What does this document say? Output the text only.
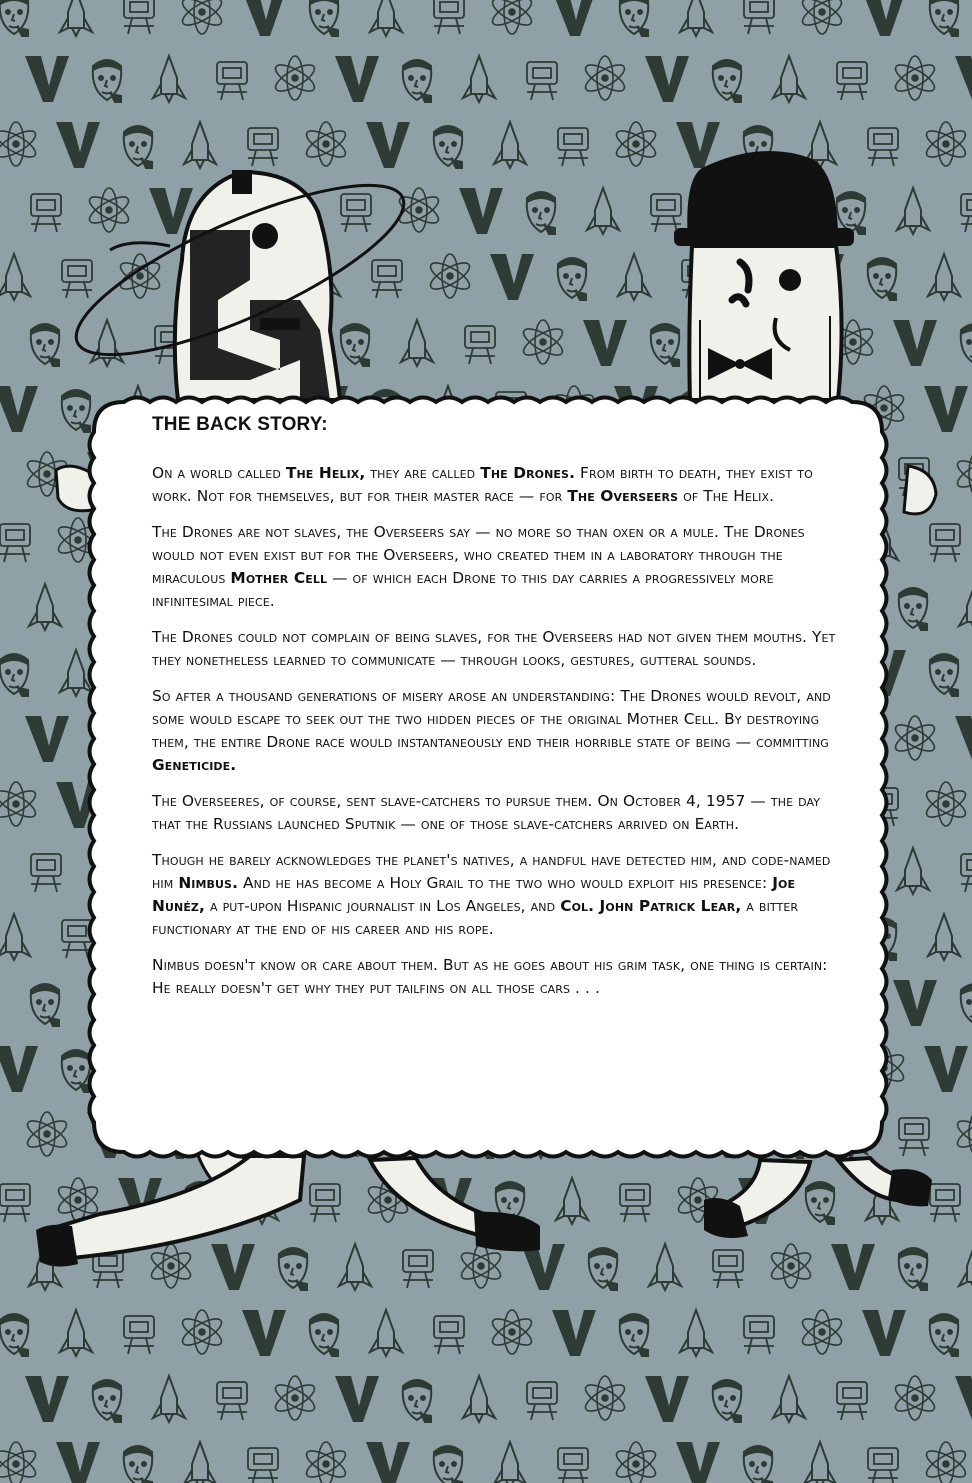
THE BACK STORY:

On a world called The Helix, they are called The Drones. From birth to death, they exist to work. Not for themselves, but for their master race — for The Overseers of The Helix.

The Drones are not slaves, the Overseers say — no more so than oxen or a mule. The Drones would not even exist but for the Overseers, who created them in a laboratory through the miraculous Mother Cell — of which each Drone to this day carries a progressively more infinitesimal piece.

The Drones could not complain of being slaves, for the Overseers had not given them mouths. Yet they nonetheless learned to communicate — through looks, gestures, gutteral sounds.

So after a thousand generations of misery arose an understanding: The Drones would revolt, and some would escape to seek out the two hidden pieces of the original Mother Cell. By destroying them, the entire Drone race would instantaneously end their horrible state of being — committing Geneticide.

The Overseeres, of course, sent slave-catchers to pursue them. On October 4, 1957 — the day that the Russians launched Sputnik — one of those slave-catchers arrived on Earth.

Though he barely acknowledges the planet's natives, a handful have detected him, and code-named him Nimbus. And he has become a Holy Grail to the two who would exploit his presence: Joe Nunéz, a put-upon Hispanic journalist in Los Angeles, and Col. John Patrick Lear, a bitter functionary at the end of his career and his rope.

Nimbus doesn't know or care about them. But as he goes about his grim task, one thing is certain: He really doesn't get why they put tailfins on all those cars . . .
